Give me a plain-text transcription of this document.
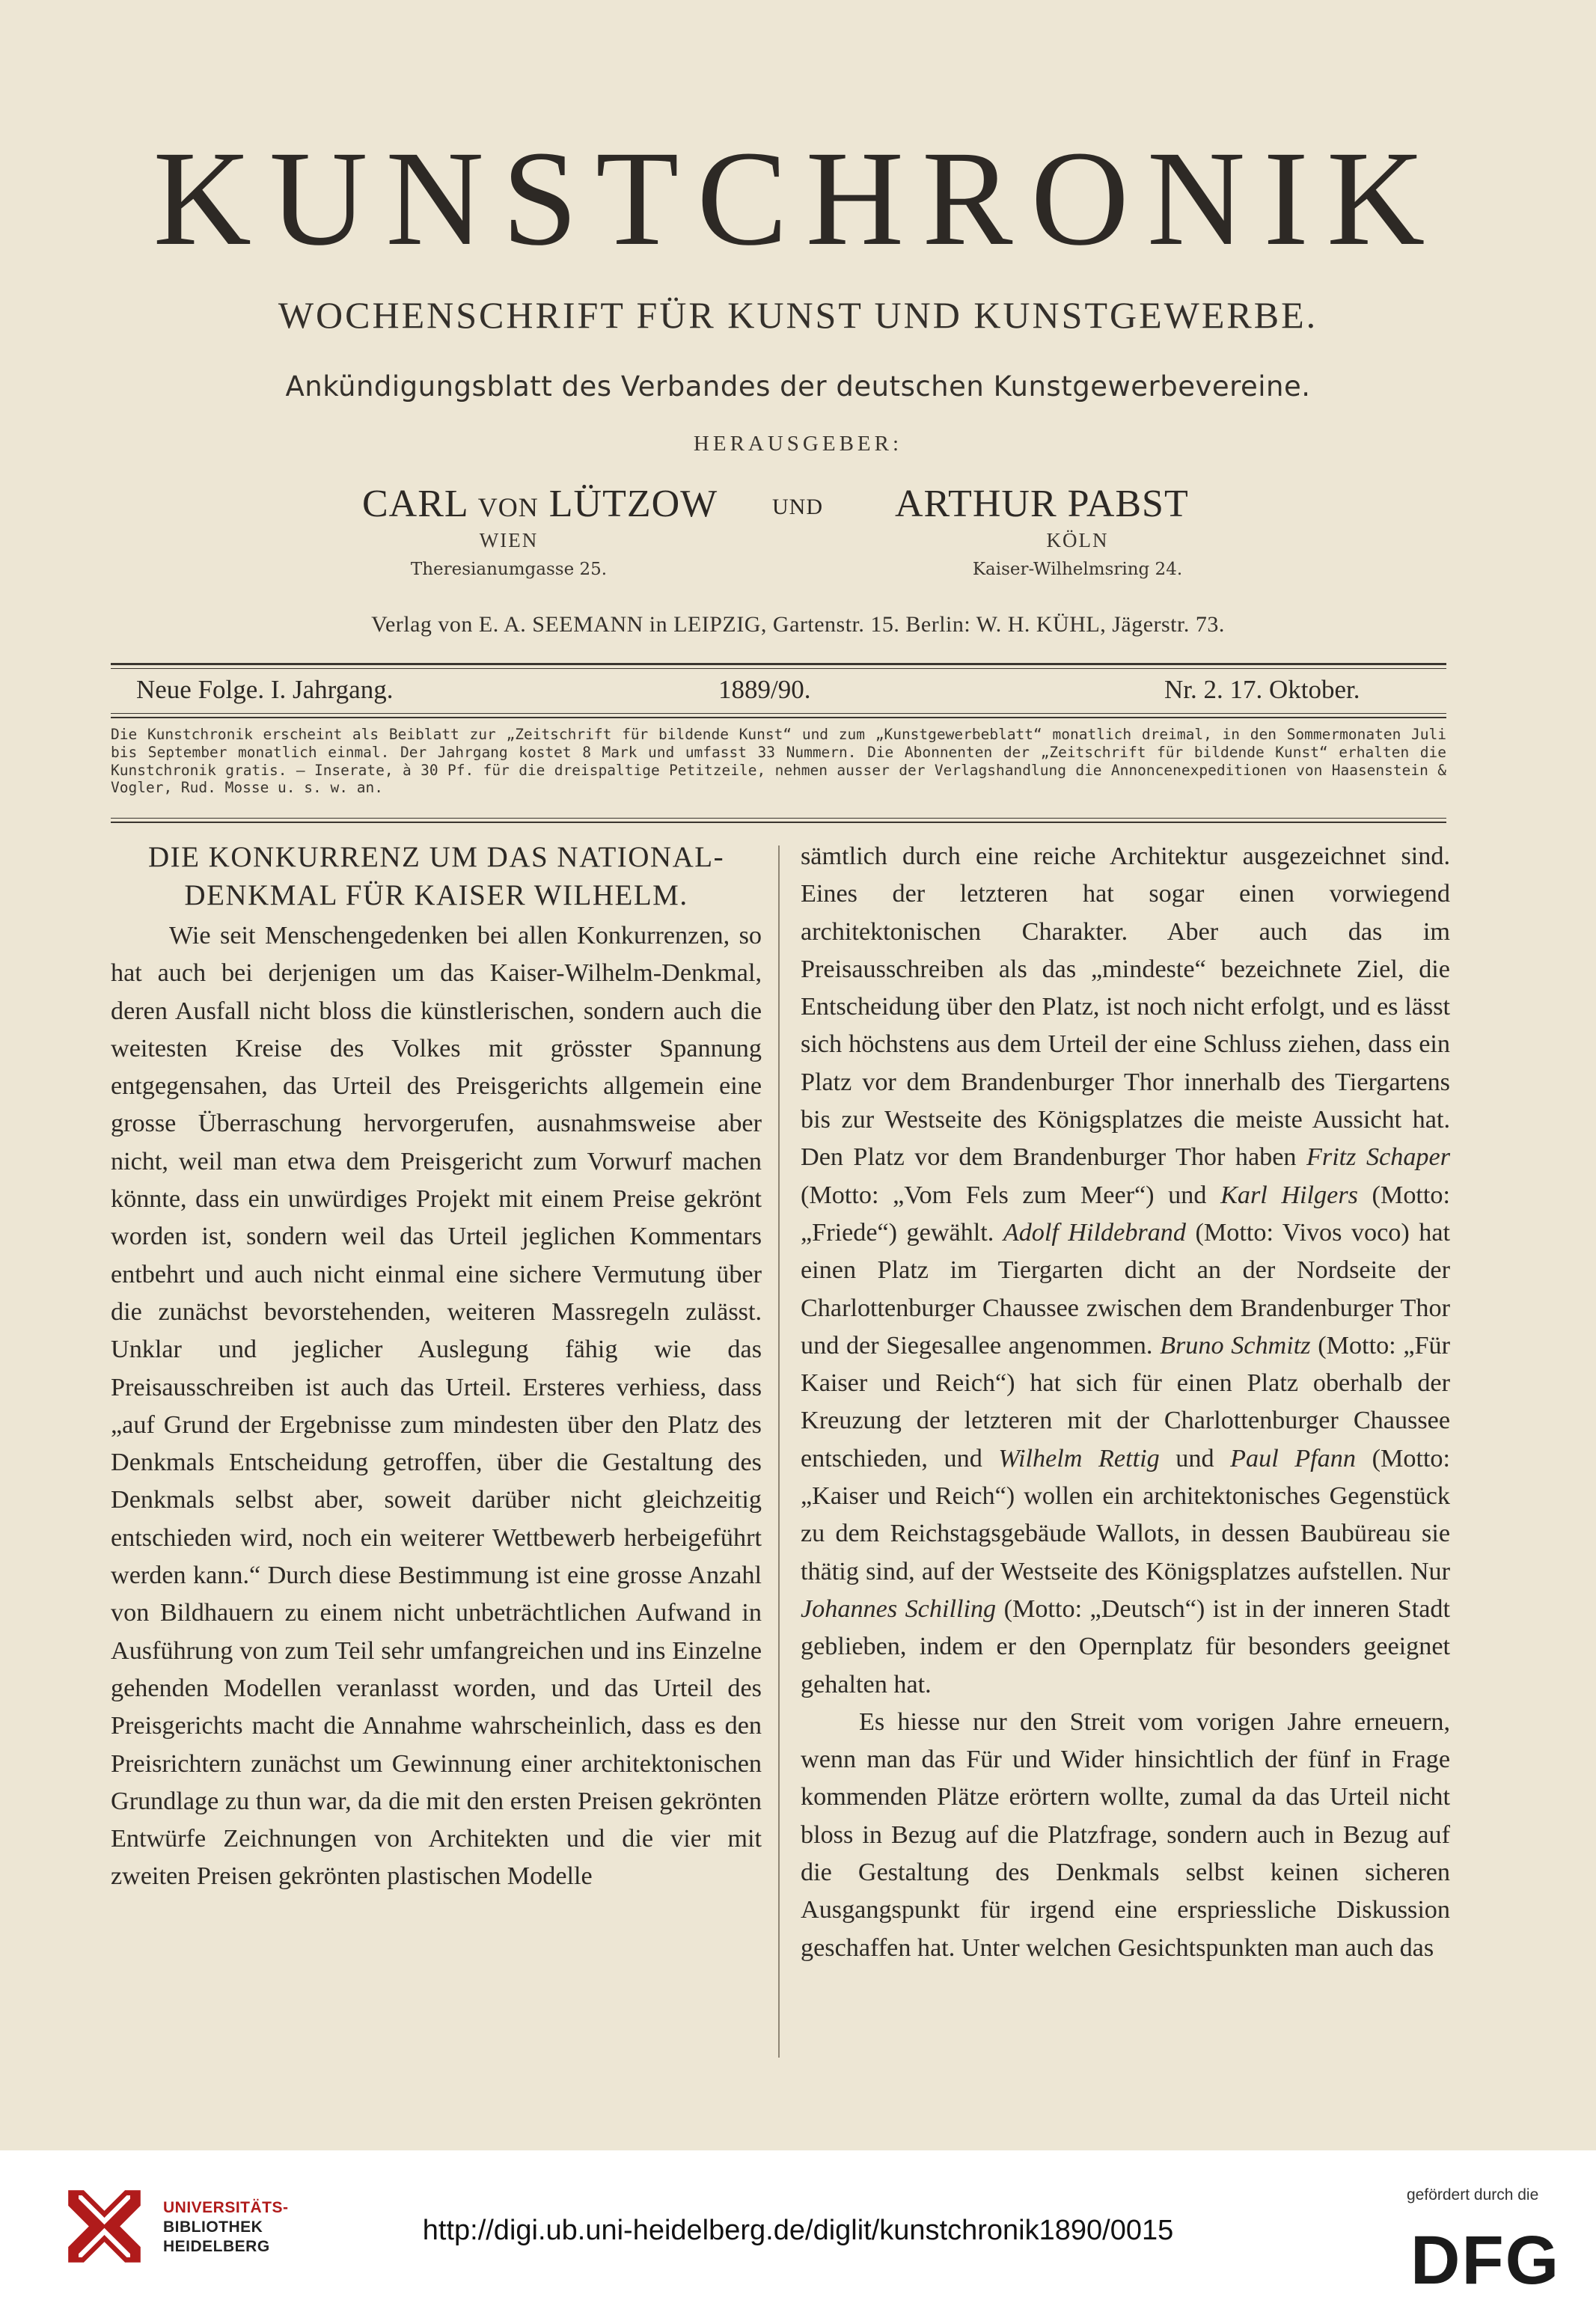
KUNSTCHRONIK
WOCHENSCHRIFT FÜR KUNST UND KUNSTGEWERBE.
Ankündigungsblatt des Verbandes der deutschen Kunstgewerbevereine.
HERAUSGEBER:
CARL VON LÜTZOW
WIEN
Theresianumgasse 25.
UND ARTHUR PABST
KÖLN
Kaiser-Wilhelmsring 24.
Verlag von E. A. SEEMANN in LEIPZIG, Gartenstr. 15. Berlin: W. H. KÜHL, Jägerstr. 73.
Neue Folge. I. Jahrgang.	1889/90.	Nr. 2. 17. Oktober.
Die Kunstchronik erscheint als Beiblatt zur „Zeitschrift für bildende Kunst“ und zum „Kunstgewerbeblatt“ monatlich dreimal, in den Sommermonaten Juli bis September monatlich einmal. Der Jahrgang kostet 8 Mark und umfasst 33 Nummern. Die Abonnenten der „Zeitschrift für bildende Kunst“ erhalten die Kunstchronik gratis. — Inserate, à 30 Pf. für die dreispaltige Petitzeile, nehmen ausser der Verlagshandlung die Annoncenexpeditionen von Haasenstein & Vogler, Rud. Mosse u. s. w. an.
DIE KONKURRENZ UM DAS NATIONAL-
DENKMAL FÜR KAISER WILHELM.

Wie seit Menschengedenken bei allen Konkurrenzen, so hat auch bei derjenigen um das Kaiser-Wilhelm-Denkmal, deren Ausfall nicht bloss die künstlerischen, sondern auch die weitesten Kreise des Volkes mit grösster Spannung entgegensahen, das Urteil des Preisgerichts allgemein eine grosse Überraschung hervorgerufen, ausnahmsweise aber nicht, weil man etwa dem Preisgericht zum Vorwurf machen könnte, dass ein unwürdiges Projekt mit einem Preise gekrönt worden ist, sondern weil das Urteil jeglichen Kommentars entbehrt und auch nicht einmal eine sichere Vermutung über die zunächst bevorstehenden, weiteren Massregeln zulässt. Unklar und jeglicher Auslegung fähig wie das Preisausschreiben ist auch das Urteil. Ersteres verhiess, dass „auf Grund der Ergebnisse zum mindesten über den Platz des Denkmals Entscheidung getroffen, über die Gestaltung des Denkmals selbst aber, soweit darüber nicht gleichzeitig entschieden wird, noch ein weiterer Wettbewerb herbeigeführt werden kann.“ Durch diese Bestimmung ist eine grosse Anzahl von Bildhauern zu einem nicht unbeträchtlichen Aufwand in Ausführung von zum Teil sehr umfangreichen und ins Einzelne gehenden Modellen veranlasst worden, und das Urteil des Preisgerichts macht die Annahme wahrscheinlich, dass es den Preisrichtern zunächst um Gewinnung einer architektonischen Grundlage zu thun war, da die mit den ersten Preisen gekrönten Entwürfe Zeichnungen von Architekten und die vier mit zweiten Preisen gekrönten plastischen Modelle

sämtlich durch eine reiche Architektur ausgezeichnet sind. Eines der letzteren hat sogar einen vorwiegend architektonischen Charakter. Aber auch das im Preisausschreiben als das „mindeste“ bezeichnete Ziel, die Entscheidung über den Platz, ist noch nicht erfolgt, und es lässt sich höchstens aus dem Urteil der eine Schluss ziehen, dass ein Platz vor dem Brandenburger Thor innerhalb des Tiergartens bis zur Westseite des Königsplatzes die meiste Aussicht hat. Den Platz vor dem Brandenburger Thor haben Fritz Schaper (Motto: „Vom Fels zum Meer“) und Karl Hilgers (Motto: „Friede“) gewählt. Adolf Hildebrand (Motto: Vivos voco) hat einen Platz im Tiergarten dicht an der Nordseite der Charlottenburger Chaussee zwischen dem Brandenburger Thor und der Siegesallee angenommen. Bruno Schmitz (Motto: „Für Kaiser und Reich“) hat sich für einen Platz oberhalb der Kreuzung der letzteren mit der Charlottenburger Chaussee entschieden, und Wilhelm Rettig und Paul Pfann (Motto: „Kaiser und Reich“) wollen ein architektonisches Gegenstück zu dem Reichstagsgebäude Wallots, in dessen Baubüreau sie thätig sind, auf der Westseite des Königsplatzes aufstellen. Nur Johannes Schilling (Motto: „Deutsch“) ist in der inneren Stadt geblieben, indem er den Opernplatz für besonders geeignet gehalten hat.

Es hiesse nur den Streit vom vorigen Jahre erneuern, wenn man das Für und Wider hinsichtlich der fünf in Frage kommenden Plätze erörtern wollte, zumal da das Urteil nicht bloss in Bezug auf die Platzfrage, sondern auch in Bezug auf die Gestaltung des Denkmals selbst keinen sicheren Ausgangspunkt für irgend eine erspriessliche Diskussion geschaffen hat. Unter welchen Gesichtspunkten man auch das

UNIVERSITÄTS-
BIBLIOTHEK
HEIDELBERG
http://digi.ub.uni-heidelberg.de/diglit/kunstchronik1890/0015
gefördert durch die
DFG
